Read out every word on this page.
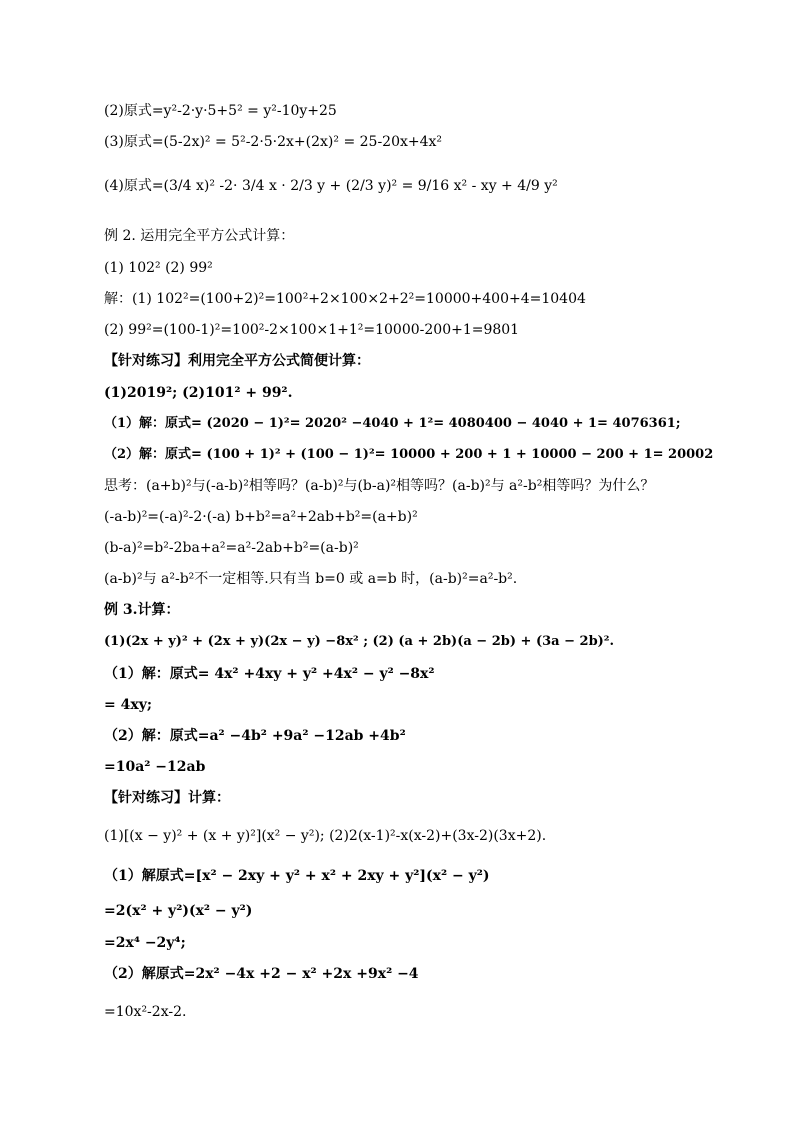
(2)原式=y²-2·y·5+5² = y²-10y+25
(3)原式=(5-2x)² = 5²-2·5·2x+(2x)² = 25-20x+4x²
(4)原式=(3/4 x)² -2· 3/4 x · 2/3 y + (2/3 y)² = 9/16 x² - xy + 4/9 y²
例 2. 运用完全平方公式计算：
(1) 102² (2) 99²
解：(1) 102²=(100+2)²=100²+2×100×2+2²=10000+400+4=10404
(2) 99²=(100-1)²=100²-2×100×1+1²=10000-200+1=9801
【针对练习】利用完全平方公式简便计算：
(1)2019²; (2)101² + 99².
（1）解：原式= (2020 − 1)²= 2020² −4040 + 1²= 4080400 − 4040 + 1= 4076361;
（2）解：原式= (100 + 1)² + (100 − 1)²= 10000 + 200 + 1 + 10000 − 200 + 1= 20002
思考：(a+b)²与(-a-b)²相等吗？(a-b)²与(b-a)²相等吗？(a-b)²与 a²-b²相等吗？为什么？
(-a-b)²=(-a)²-2·(-a) b+b²=a²+2ab+b²=(a+b)²
(b-a)²=b²-2ba+a²=a²-2ab+b²=(a-b)²
(a-b)²与 a²-b²不一定相等.只有当 b=0 或 a=b 时，(a-b)²=a²-b².
例 3.计算：
(1)(2x + y)² + (2x + y)(2x − y) −8x² ; (2) (a + 2b)(a − 2b) + (3a − 2b)².
（1）解：原式= 4x² +4xy + y² +4x² − y² −8x²
= 4xy;
（2）解：原式=a² −4b² +9a² −12ab +4b²
=10a² −12ab
【针对练习】计算：
(1)[(x − y)² + (x + y)²](x² − y²); (2)2(x-1)²-x(x-2)+(3x-2)(3x+2).
（1）解原式=[x² − 2xy + y² + x² + 2xy + y²](x² − y²)
=2(x² + y²)(x² − y²)
=2x⁴ −2y⁴;
（2）解原式=2x² −4x +2 − x² +2x +9x² −4
=10x²-2x-2.
